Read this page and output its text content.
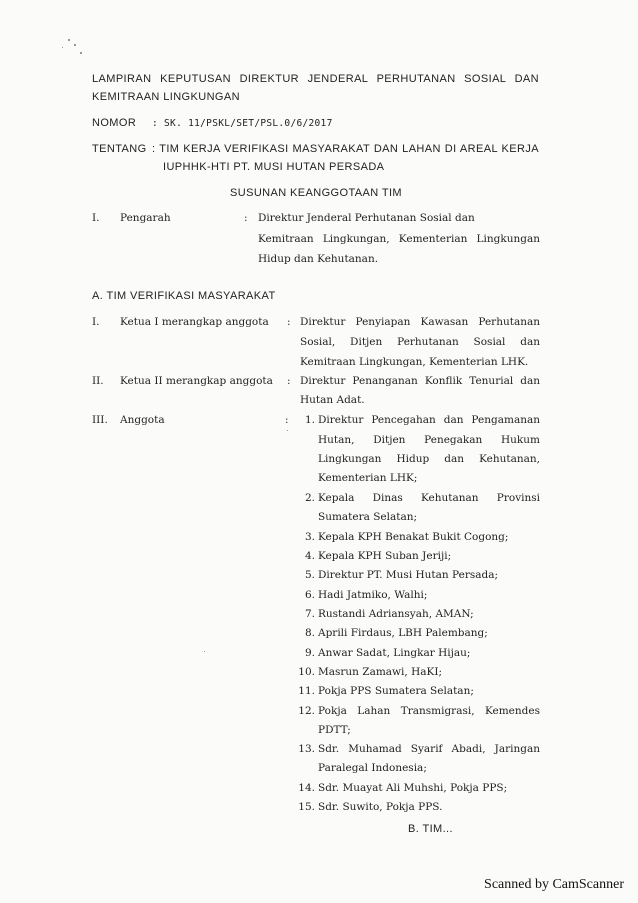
LAMPIRAN KEPUTUSAN DIREKTUR JENDERAL PERHUTANAN SOSIAL DAN
KEMITRAAN LINGKUNGAN
NOMOR : SK. 11/PSKL/SET/PSL.0/6/2017
TENTANG : TIM KERJA VERIFIKASI MASYARAKAT DAN LAHAN DI AREAL KERJA
IUPHHK-HTI PT. MUSI HUTAN PERSADA
SUSUNAN KEANGGOTAAN TIM
I. Pengarah	: Direktur Jenderal Perhutanan Sosial dan
Kemitraan Lingkungan, Kementerian Lingkungan
Hidup dan Kehutanan.
A. TIM VERIFIKASI MASYARAKAT
I. Ketua I merangkap anggota : Direktur Penyiapan Kawasan Perhutanan
Sosial, Ditjen Perhutanan Sosial dan
Kemitraan Lingkungan, Kementerian LHK.
II. Ketua II merangkap anggota : Direktur Penanganan Konflik Tenurial dan
Hutan Adat.
III. Anggota	:	1. Direktur Pencegahan dan Pengamanan
Hutan, Ditjen Penegakan Hukum
Lingkungan Hidup dan Kehutanan,
Kementerian LHK;
2. Kepala Dinas Kehutanan Provinsi
Sumatera Selatan;
3. Kepala KPH Benakat Bukit Cogong;
4. Kepala KPH Suban Jeriji;
5. Direktur PT. Musi Hutan Persada;
6. Hadi Jatmiko, Walhi;
7. Rustandi Adriansyah, AMAN;
8. Aprili Firdaus, LBH Palembang;
9. Anwar Sadat, Lingkar Hijau;
10. Masrun Zamawi, HaKI;
11. Pokja PPS Sumatera Selatan;
12. Pokja Lahan Transmigrasi, Kemendes
PDTT;
13. Sdr. Muhamad Syarif Abadi, Jaringan
Paralegal Indonesia;
14. Sdr. Muayat Ali Muhshi, Pokja PPS;
15. Sdr. Suwito, Pokja PPS.
B. TIM...
Scanned by CamScanner
